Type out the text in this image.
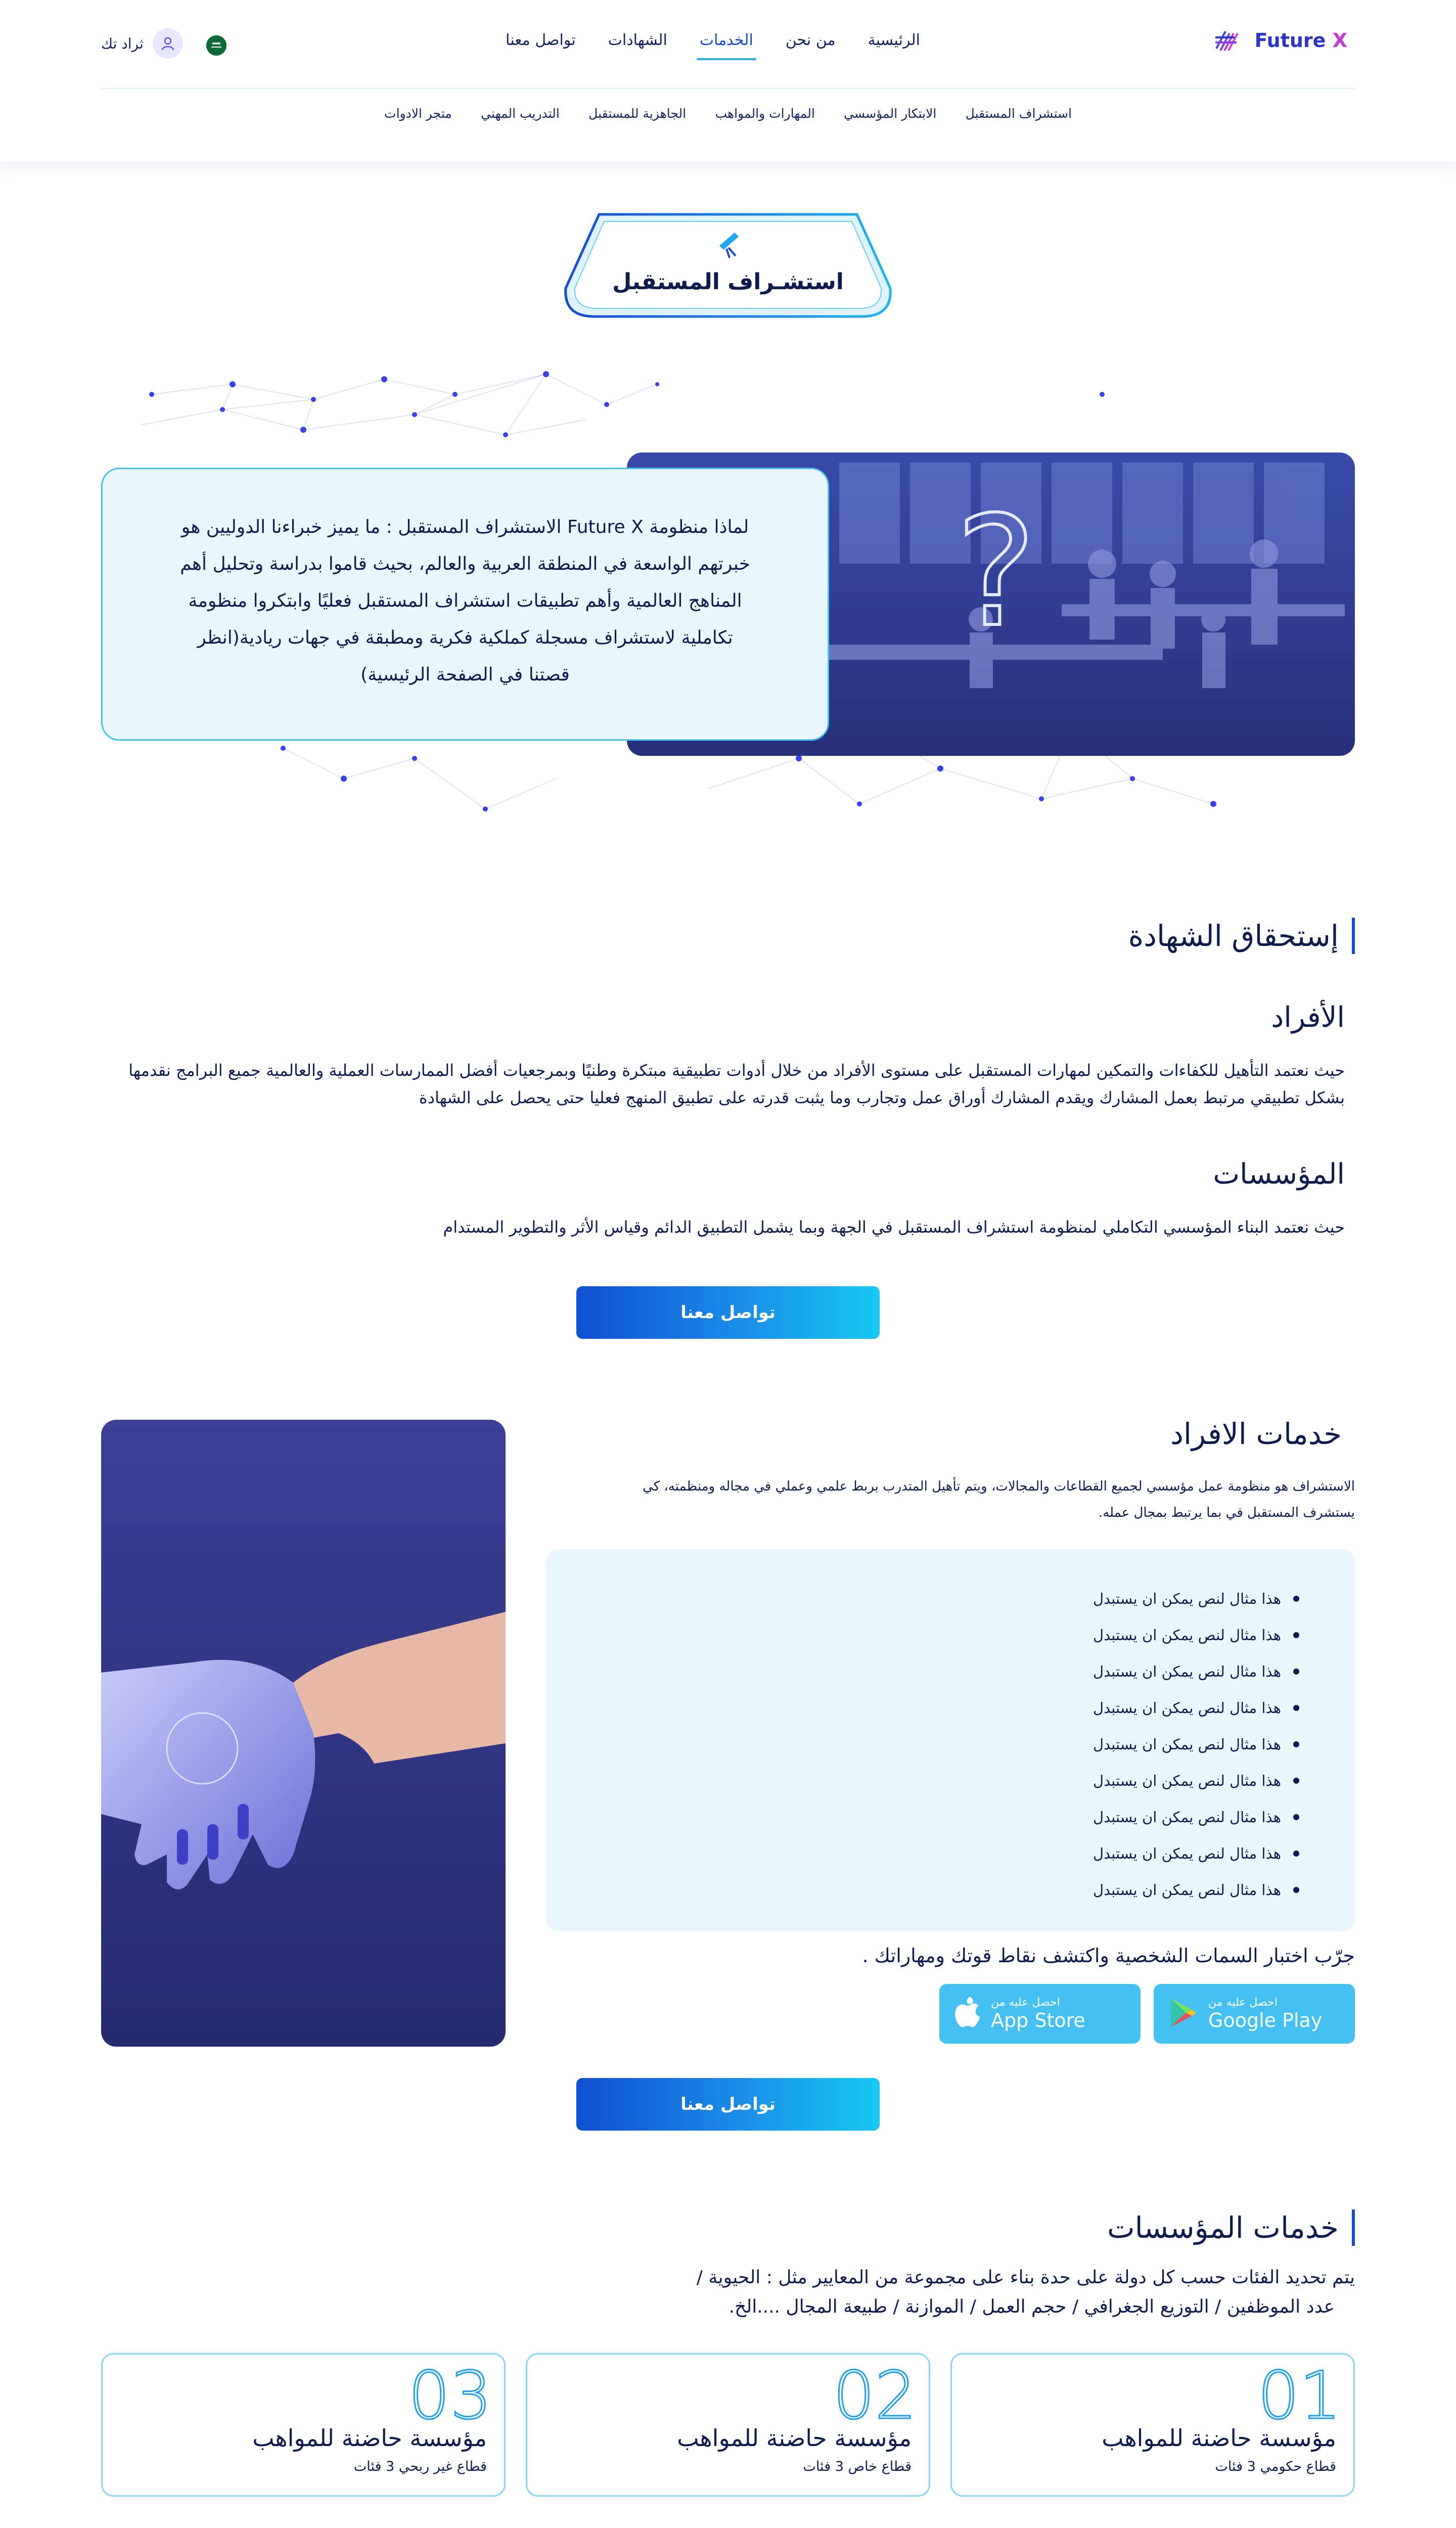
Future X
الرئيسية
من نحن
الخدمات
الشهادات
تواصل معنا
ثراد تك
استشراف المستقبل
الابتكار المؤسسي
المهارات والمواهب
الجاهزية للمستقبل
التدريب المهني
متجر الادوات
استشـراف المستقبل
?

لماذا منظومة Future X الاستشراف المستقبل : ما يميز خبراءنا الدوليين هو خبرتهم الواسعة في المنطقة العربية والعالم، بحيث قاموا بدراسة وتحليل أهم المناهج العالمية وأهم تطبيقات استشراف المستقبل فعليًا وابتكروا منظومة تكاملية لاستشراف مسجلة كملكية فكرية ومطبقة في جهات ريادية(انظر قصتنا في الصفحة الرئيسية)

إستحقاق الشهادة
الأفراد
حيث نعتمد التأهيل للكفاءات والتمكين لمهارات المستقبل على مستوى الأفراد من خلال أدوات تطبيقية مبتكرة وطنيًا وبمرجعيات أفضل الممارسات العملية والعالمية جميع البرامج نقدمها بشكل تطبيقي مرتبط بعمل المشارك ويقدم المشارك أوراق عمل وتجارب وما يثبت قدرته على تطبيق المنهج فعليا حتى يحصل على الشهادة
المؤسسات
حيث نعتمد البناء المؤسسي التكاملي لمنظومة استشراف المستقبل في الجهة وبما يشمل التطبيق الدائم وقياس الأثر والتطوير المستدام
تواصل معنا
خدمات الافراد
الاستشراف هو منظومة عمل مؤسسي لجميع القطاعات والمجالات، ويتم تأهيل المتدرب بربط علمي وعملي في مجاله ومنظمته، كي يستشرف المستقبل في بما يرتبط بمجال عمله.
هذا مثال لنص يمكن ان يستبدل
هذا مثال لنص يمكن ان يستبدل
هذا مثال لنص يمكن ان يستبدل
هذا مثال لنص يمكن ان يستبدل
هذا مثال لنص يمكن ان يستبدل
هذا مثال لنص يمكن ان يستبدل
هذا مثال لنص يمكن ان يستبدل
هذا مثال لنص يمكن ان يستبدل
هذا مثال لنص يمكن ان يستبدل
جرّب اختبار السمات الشخصية واكتشف نقاط قوتك ومهاراتك .
احصل عليه من
Google Play
احصل عليه من
App Store
تواصل معنا
خدمات المؤسسات
يتم تحديد الفئات حسب كل دولة على حدة بناء على مجموعة من المعايير مثل : الحيوية /
عدد الموظفين / التوزيع الجغرافي / حجم العمل / الموازنة / طبيعة المجال ....الخ.
01
مؤسسة حاضنة للمواهب
قطاع حكومي 3 فئات
02
مؤسسة حاضنة للمواهب
قطاع خاص 3 فئات
03
مؤسسة حاضنة للمواهب
قطاع غير ربحي 3 فئات
